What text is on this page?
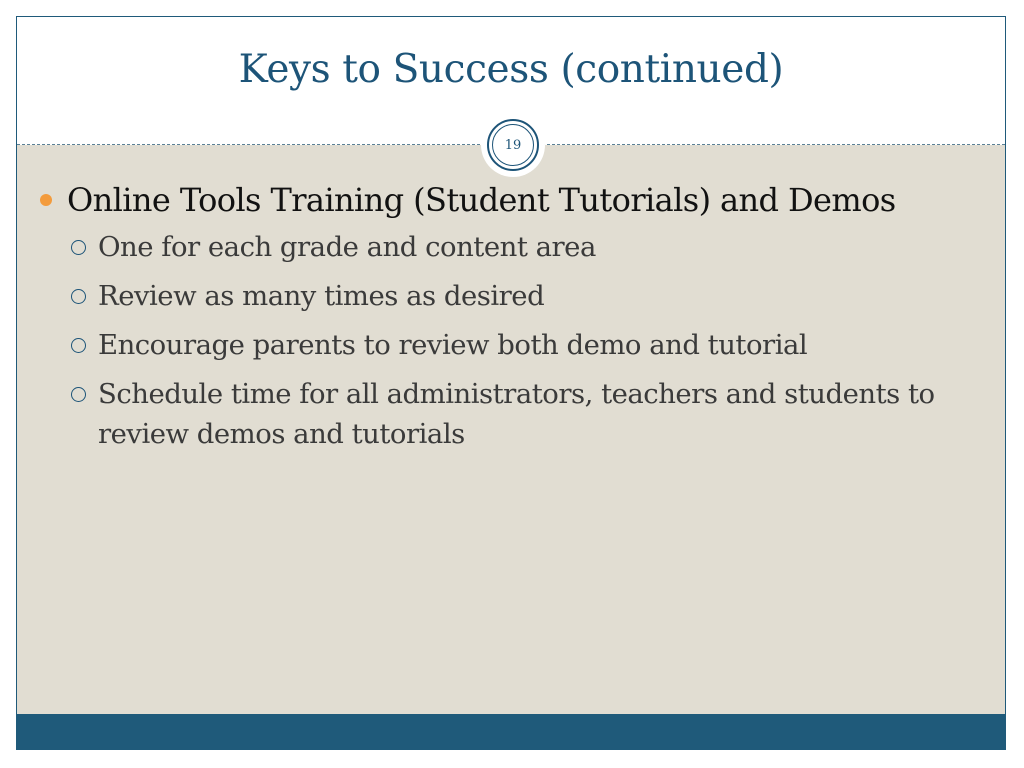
Keys to Success (continued)
19
Online Tools Training (Student Tutorials) and Demos
One for each grade and content area
Review as many times as desired
Encourage parents to review both demo and tutorial
Schedule time for all administrators, teachers and students to review demos and tutorials
